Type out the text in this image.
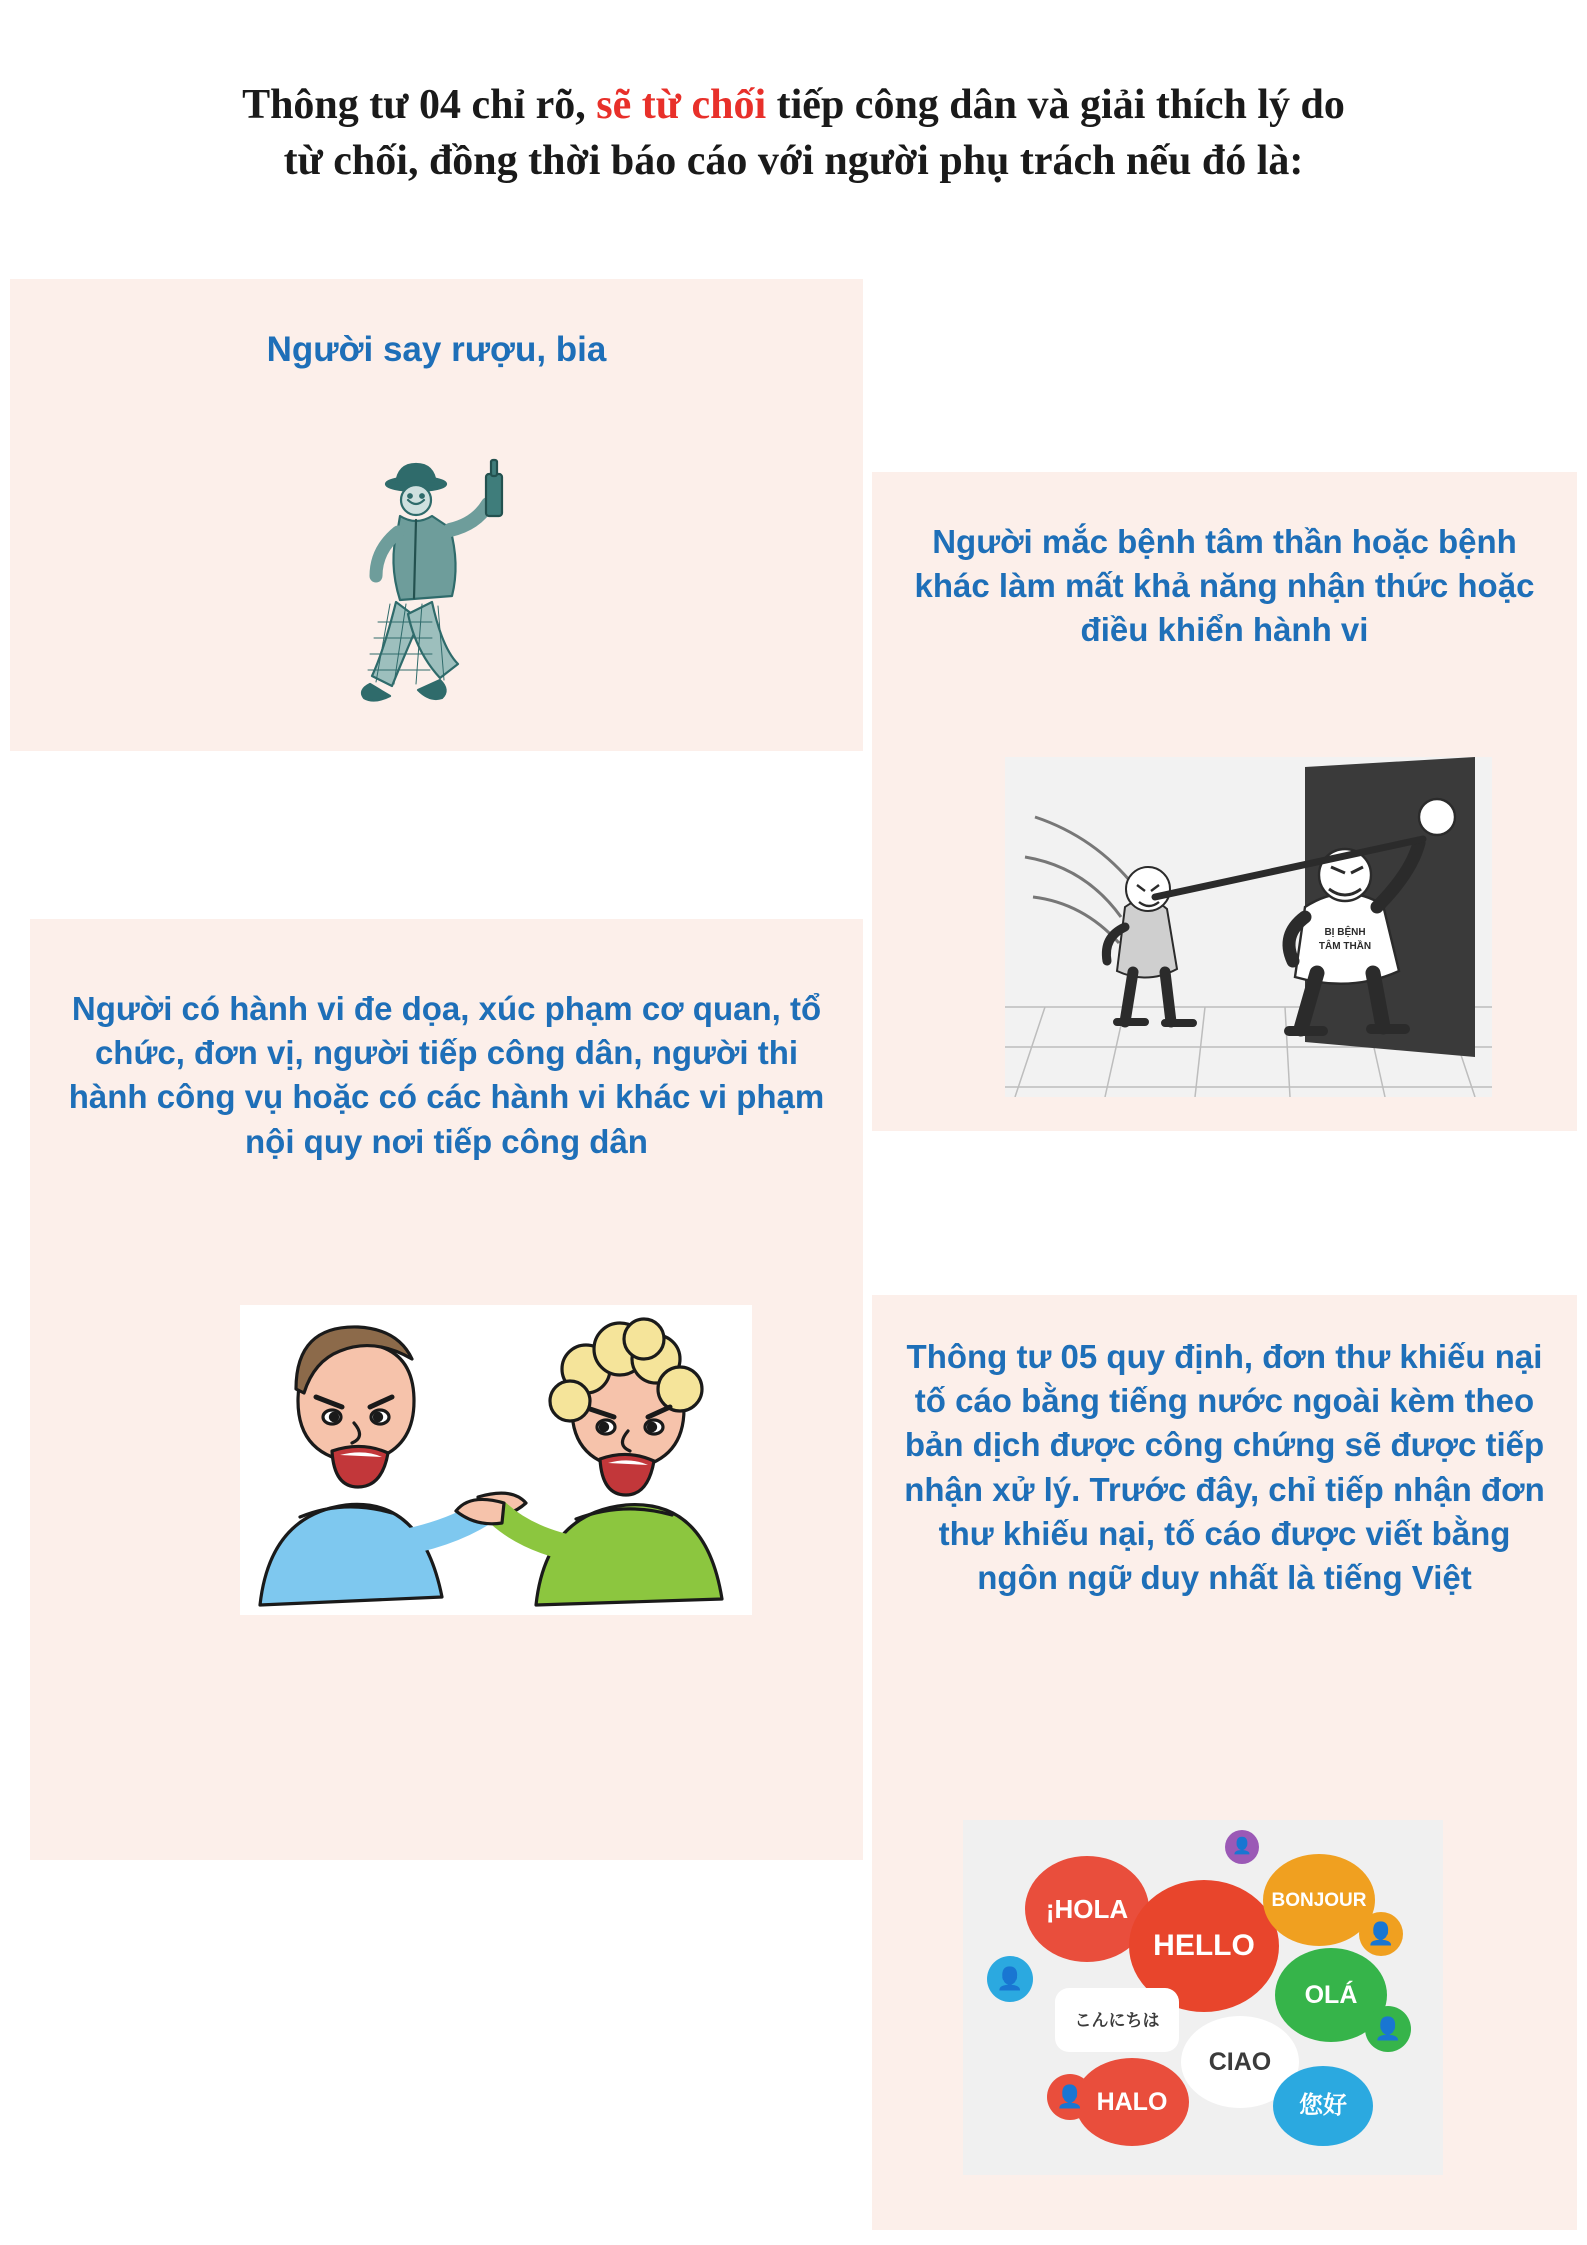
Thông tư 04 chỉ rõ, sẽ từ chối tiếp công dân và giải thích lý do
từ chối, đồng thời báo cáo với người phụ trách nếu đó là:
Người say rượu, bia
Người mắc bệnh tâm thần hoặc bệnh khác làm mất khả năng nhận thức hoặc điều khiển hành vi
BỊ BỆNH
TÂM THẦN
Người có hành vi đe dọa, xúc phạm cơ quan, tổ chức, đơn vị, người tiếp công dân, người thi hành công vụ hoặc có các hành vi khác vi phạm nội quy nơi tiếp công dân
Thông tư 05 quy định, đơn thư khiếu nại tố cáo bằng tiếng nước ngoài kèm theo bản dịch được công chứng sẽ được tiếp nhận xử lý. Trước đây, chỉ tiếp nhận đơn thư khiếu nại, tố cáo được viết bằng ngôn ngữ duy nhất là tiếng Việt
¡HOLA
HELLO
BONJOUR
OLÁ
こんにちは
CIAO
HALO	您好
👤
👤
👤
👤
👤
